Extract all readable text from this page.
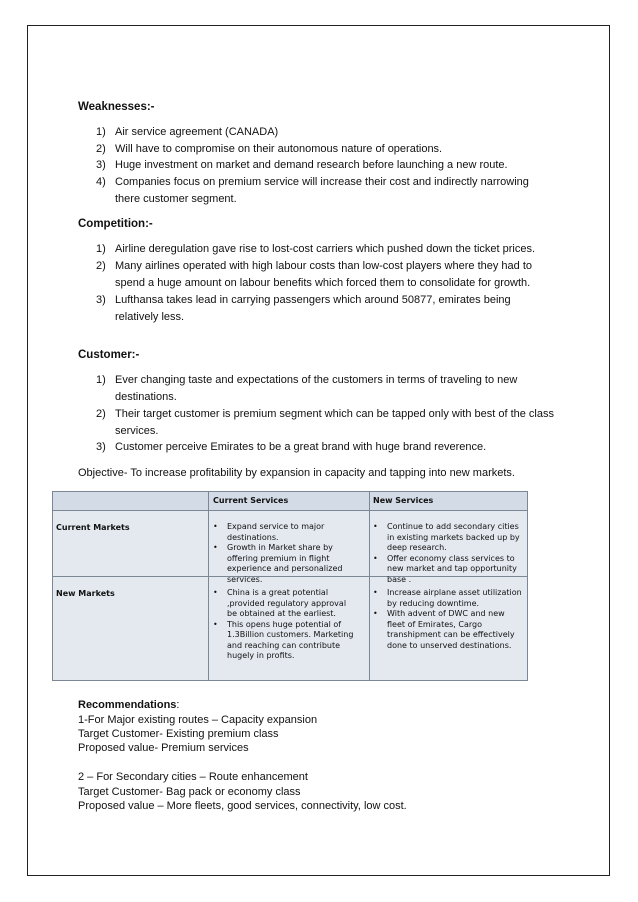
Weaknesses:-
1) Air service agreement (CANADA)
2) Will have to compromise on their autonomous nature of operations.
3) Huge investment on market and demand research before launching a new route.
4) Companies focus on premium service will increase their cost and indirectly narrowing there customer segment.
Competition:-
1) Airline deregulation gave rise to lost-cost carriers which pushed down the ticket prices.
2) Many airlines operated with high labour costs than low-cost players where they had to spend a huge amount on labour benefits which forced them to consolidate for growth.
3) Lufthansa takes lead in carrying passengers which around 50877, emirates being relatively less.
Customer:-
1) Ever changing taste and expectations of the customers in terms of traveling to new destinations.
2) Their target customer is premium segment which can be tapped only with best of the class services.
3) Customer perceive Emirates to be a great brand with huge brand reverence.
Objective- To increase profitability by expansion in capacity and tapping into new markets.
Current Services	New Services
Current Markets
New Markets
• Expand service to major destinations.
• Growth in Market share by offering premium in flight experience and personalized services.
• Continue to add secondary cities in existing markets backed up by deep research.
• Offer economy class services to new market and tap opportunity base .
• China is a great potential ,provided regulatory approval be obtained at the earliest.
• This opens huge potential of 1.3Billion customers. Marketing and reaching can contribute hugely in profits.
• Increase airplane asset utilization by reducing downtime.
• With advent of DWC and new fleet of Emirates, Cargo transhipment can be effectively done to unserved destinations.
Recommendations:
1-For Major existing routes – Capacity expansion
Target Customer- Existing premium class
Proposed value- Premium services
2 – For Secondary cities – Route enhancement
Target Customer- Bag pack or economy class
Proposed value – More fleets, good services, connectivity, low cost.
